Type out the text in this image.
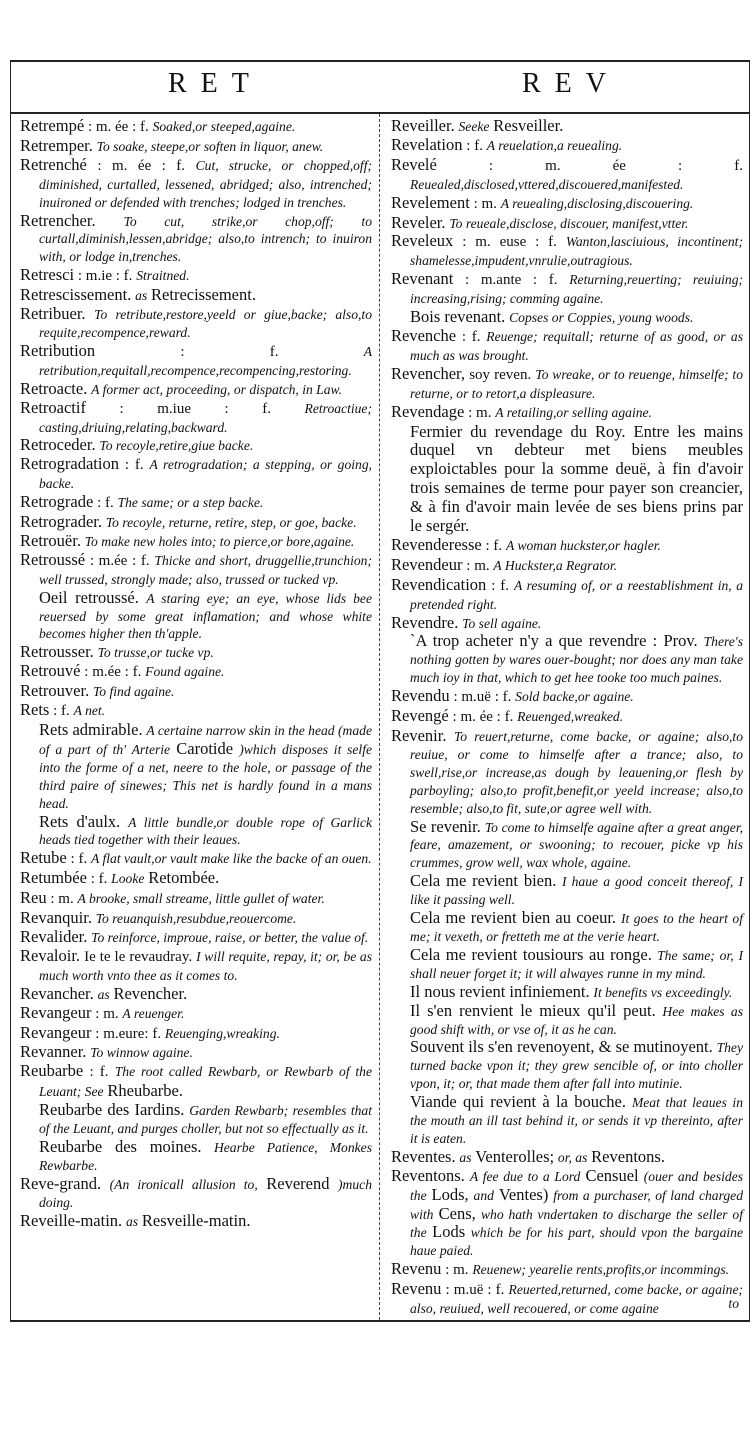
RET	REV

Retrempé : m. ée : f. Soaked,or steeped,againe.

Retremper. To soake, steepe,or soften in liquor, anew.

Retrenché : m. ée : f. Cut, strucke, or chopped,off; diminished, curtalled, lessened, abridged; also, intrenched; inuironed or defended with trenches; lodged in trenches.

Retrencher. To cut, strike,or chop,off; to curtall,diminish,lessen,abridge; also,to intrench; to inuiron with, or lodge in,trenches.

Retresci : m.ie : f. Straitned.

Retrescissement. as Retrecissement.

Retribuer. To retribute,restore,yeeld or giue,backe; also,to requite,recompence,reward.

Retribution	: f.	A retribution,requitall,recompence,recompencing,restoring.

Retroacte. A former act, proceeding, or dispatch, in Law.

Retroactif : m.iue : f. Retroactiue; casting,driuing,relating,backward.

Retroceder. To recoyle,retire,giue backe.

Retrogradation : f. A retrogradation; a stepping, or going, backe.

Retrograde : f. The same; or a step backe.

Retrograder. To recoyle, returne, retire, step, or goe, backe.

Retrouër. To make new holes into; to pierce,or bore,againe.

Retroussé : m.ée : f. Thicke and short, druggellie,trunchion; well trussed, strongly made; also, trussed or tucked vp.

Oeil retroussé. A staring eye; an eye, whose lids bee reuersed by some great inflamation; and whose white becomes higher then th'apple.

Retrousser. To trusse,or tucke vp.

Retrouvé : m.ée : f. Found againe.

Retrouver. To find againe.

Rets : f. A net.

Rets admirable. A certaine narrow skin in the head (made of a part of th' Arterie Carotide )which disposes it selfe into the forme of a net, neere to the hole, or passage of the third paire of sinewes; This net is hardly found in a mans head.

Rets d'aulx. A little bundle,or double rope of Garlick heads tied together with their leaues.

Retube : f. A flat vault,or vault make like the backe of an ouen.

Retumbée : f. Looke Retombée.

Reu : m. A brooke, small streame, little gullet of water.

Revanquir. To reuanquish,resubdue,reouercome.

Revalider. To reinforce, improue, raise, or better, the value of.

Revaloir. Ie te le revaudray. I will requite, repay, it; or, be as much worth vnto thee as it comes to.

Revancher. as Revencher.

Revangeur : m. A reuenger.

Revangeur : m.eure: f. Reuenging,wreaking.

Revanner. To winnow againe.

Reubarbe : f. The root called Rewbarb, or Rewbarb of the Leuant; See Rheubarbe.

Reubarbe des Iardins. Garden Rewbarb; resembles that of the Leuant, and purges choller, but not so effectually as it.

Reubarbe des moines. Hearbe Patience, Monkes Rewbarbe.

Reve-grand. (An ironicall allusion to, Reverend )much doing.

Reveille-matin. as Resveille-matin.

Reveiller. Seeke Resveiller.

Revelation : f. A reuelation,a reuealing.

Revelé	: m. ée : f. Reuealed,disclosed,vttered,discouered,manifested.

Revelement : m. A reuealing,disclosing,discouering.

Reveler. To reueale,disclose, discouer, manifest,vtter.

Reveleux : m. euse : f. Wanton,lasciuious, incontinent; shamelesse,impudent,vnrulie,outragious.

Revenant : m.ante : f. Returning,reuerting; reuiuing; increasing,rising; comming againe.

Bois revenant. Copses or Coppies, young woods.

Revenche : f. Reuenge; requitall; returne of as good, or as much as was brought.

Revencher, soy reven. To wreake, or to reuenge, himselfe; to returne, or to retort,a displeasure.

Revendage : m. A retailing,or selling againe.

Fermier du revendage du Roy. Entre les mains duquel vn debteur met biens meubles exploictables pour la somme deuë, à fin d'avoir trois semaines de terme pour payer son creancier, & à fin d'avoir main levée de ses biens prins par le sergér.

Revenderesse : f. A woman huckster,or hagler.

Revendeur : m. A Huckster,a Regrator.

Revendication : f. A resuming of, or a reestablishment in, a pretended right.

Revendre. To sell againe.

`A trop acheter n'y a que revendre : Prov. There's nothing gotten by wares ouer-bought; nor does any man take much ioy in that, which to get hee tooke too much paines.

Revendu : m.uë : f. Sold backe,or againe.

Revengé : m. ée : f. Reuenged,wreaked.

Revenir. To reuert,returne, come backe, or againe; also,to reuiue, or come to himselfe after a trance; also, to swell,rise,or increase,as dough by leauening,or flesh by parboyling; also,to profit,benefit,or yeeld increase; also,to resemble; also,to fit, sute,or agree well with.

Se revenir. To come to himselfe againe after a great anger, feare, amazement, or swooning; to recouer, picke vp his crummes, grow well, wax whole, againe.

Cela me revient bien. I haue a good conceit thereof, I like it passing well.

Cela me revient bien au coeur. It goes to the heart of me; it vexeth, or fretteth me at the verie heart.

Cela me revient tousiours au ronge. The same; or, I shall neuer forget it; it will alwayes runne in my mind.

Il nous revient infiniement. It benefits vs exceedingly.

Il s'en renvient le mieux qu'il peut. Hee makes as good shift with, or vse of, it as he can.

Souvent ils s'en revenoyent, & se mutinoyent. They turned backe vpon it; they grew sencible of, or into choller vpon, it; or, that made them after fall into mutinie.

Viande qui revient à la bouche. Meat that leaues in the mouth an ill tast behind it, or sends it vp thereinto, after it is eaten.

Reventes. as Venterolles; or, as Reventons.

Reventons. A fee due to a Lord Censuel (ouer and besides the Lods, and Ventes) from a purchaser, of land charged with Cens, who hath vndertaken to discharge the seller of the Lods which be for his part, should vpon the bargaine haue paied.

Revenu : m. Reuenew; yearelie rents,profits,or incommings.

Revenu : m.uë : f. Reuerted,returned, come backe, or againe; also, reuiued, well recouered, or come againe	to
